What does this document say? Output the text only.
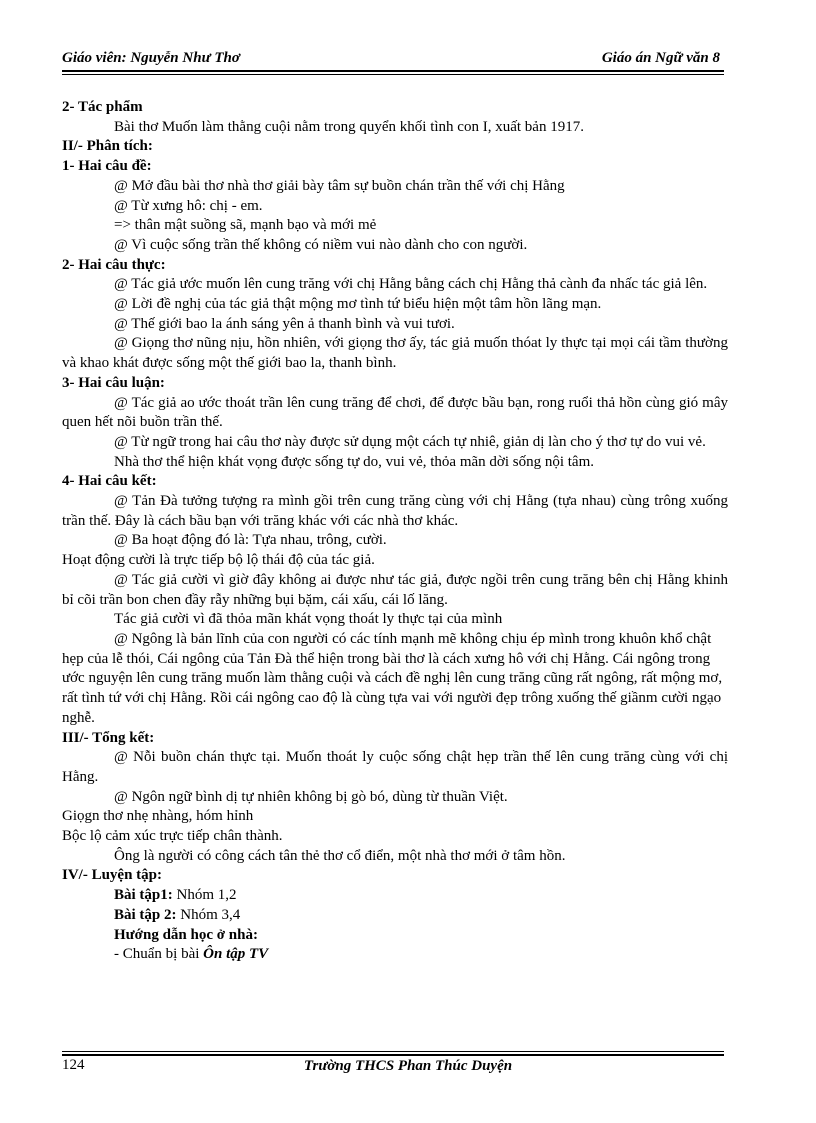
Giáo viên: Nguyễn Như Thơ	Giáo án Ngữ văn 8

2- Tác phẩm

Bài thơ Muốn làm thằng cuội nằm trong quyển khối tình con I, xuất bản 1917.

II/- Phân tích:

1- Hai câu đề:

@ Mở đầu bài thơ nhà thơ giải bày tâm sự buồn chán trần thế với chị Hằng

@ Từ xưng hô: chị - em.

=> thân mật suồng sã, mạnh bạo và mới mẻ

@ Vì cuộc sống trần thế không có niềm vui nào dành cho con người.

2- Hai câu thực:

@ Tác giả ước muốn lên cung trăng với chị Hằng bằng cách chị Hằng thả cành đa nhấc tác giả lên.

@ Lời đề nghị của tác giả thật mộng mơ tình tứ biểu hiện một tâm hồn lãng mạn.

@ Thế giới bao la ánh sáng yên ả thanh bình và vui tươi.

@ Giọng thơ nũng nịu, hồn nhiên, với giọng thơ ấy, tác giả muốn thóat ly thực tại mọi cái tầm thường và khao khát được sống một thế giới bao la, thanh bình.

3- Hai câu luận:

@ Tác giả ao ước thoát trần lên cung trăng để chơi, để được bầu bạn, rong ruổi thả hồn cùng gió mây quen hết nõi buồn trần thế.

@ Từ ngữ trong hai câu thơ này được sử dụng một cách tự nhiê, giản dị làn cho ý thơ tự do vui vẻ.

Nhà thơ thể hiện khát vọng được sống tự do, vui vẻ, thỏa mãn dời sống nội tâm.

4- Hai câu kết:

@ Tản Đà tưởng tượng ra mình gồi trên cung trăng cùng với chị Hằng (tựa nhau) cùng trông xuống trần thế. Đây là cách bầu bạn với trăng khác với các nhà thơ khác.

@ Ba hoạt động đó là: Tựa nhau, trông, cười.

Hoạt động cười là trực tiếp bộ lộ thái độ của tác giả.

@ Tác giả cười vì giờ đây không ai được như tác giả, được ngồi trên cung trăng bên chị Hằng khinh bỉ cõi trần bon chen đầy rẫy những bụi bặm, cái xấu, cái lố lăng.

Tác giả cười vì đã thỏa mãn khát vọng thoát ly thực tại của mình

@ Ngông là bản lĩnh của con người có các tính mạnh mẽ không chịu ép mình trong khuôn khổ chật hẹp của lễ thói, Cái ngông của Tản Đà thể hiện trong bài thơ là cách xưng hô với chị Hằng. Cái ngông trong ước nguyện lên cung trăng muốn làm thằng cuội và cách đề nghị lên cung trăng cũng rất ngông, rất mộng mơ, rất tình tứ với chị Hằng. Rồi cái ngông cao độ là cùng tựa vai với người đẹp trông xuống thế giầnm cười ngạo nghễ.

III/- Tổng kết:

@ Nỗi buồn chán thực tại. Muốn thoát ly cuộc sống chật hẹp trần thế lên cung trăng cùng với chị Hằng.

@ Ngôn ngữ bình dị tự nhiên không bị gò bó, dùng từ thuần Việt.

Giọgn thơ nhẹ nhàng, hóm hỉnh

Bộc lộ cảm xúc trực tiếp chân thành.

Ông là người có công cách tân thẻ thơ cổ điển, một nhà thơ mới ở tâm hồn.

IV/- Luyện tập:

Bài tập1: Nhóm 1,2

Bài tập 2: Nhóm 3,4

Hướng dẫn học ở nhà:

- Chuẩn bị bài Ôn tập TV

124	Trường THCS Phan Thúc Duyện
